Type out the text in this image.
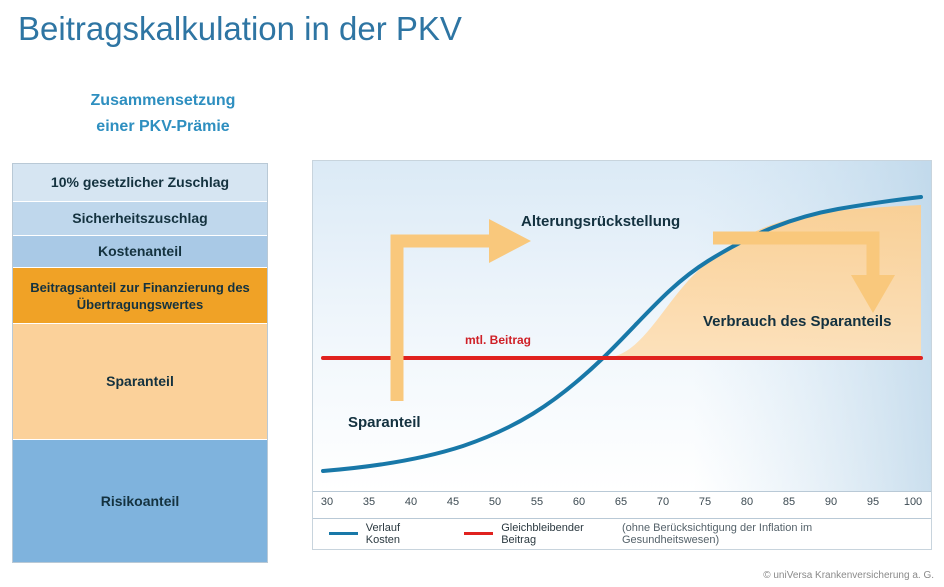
Beitragskalkulation in der PKV
Zusammensetzung
einer PKV-Prämie
10% gesetzlicher Zuschlag
Sicherheitszuschlag
Kostenanteil
Beitragsanteil zur Finanzierung des Übertragungswertes
Sparanteil
Risikoanteil
Alterungsrückstellung
Verbrauch des Sparanteils
Sparanteil
mtl. Beitrag
30	35	40	45	50	55	60	65	70	75	80	85	90	95 100
Verlauf Kosten
Gleichbleibender Beitrag
(ohne Berücksichtigung der Inflation im Gesundheitswesen)
© uniVersa Krankenversicherung a. G.
